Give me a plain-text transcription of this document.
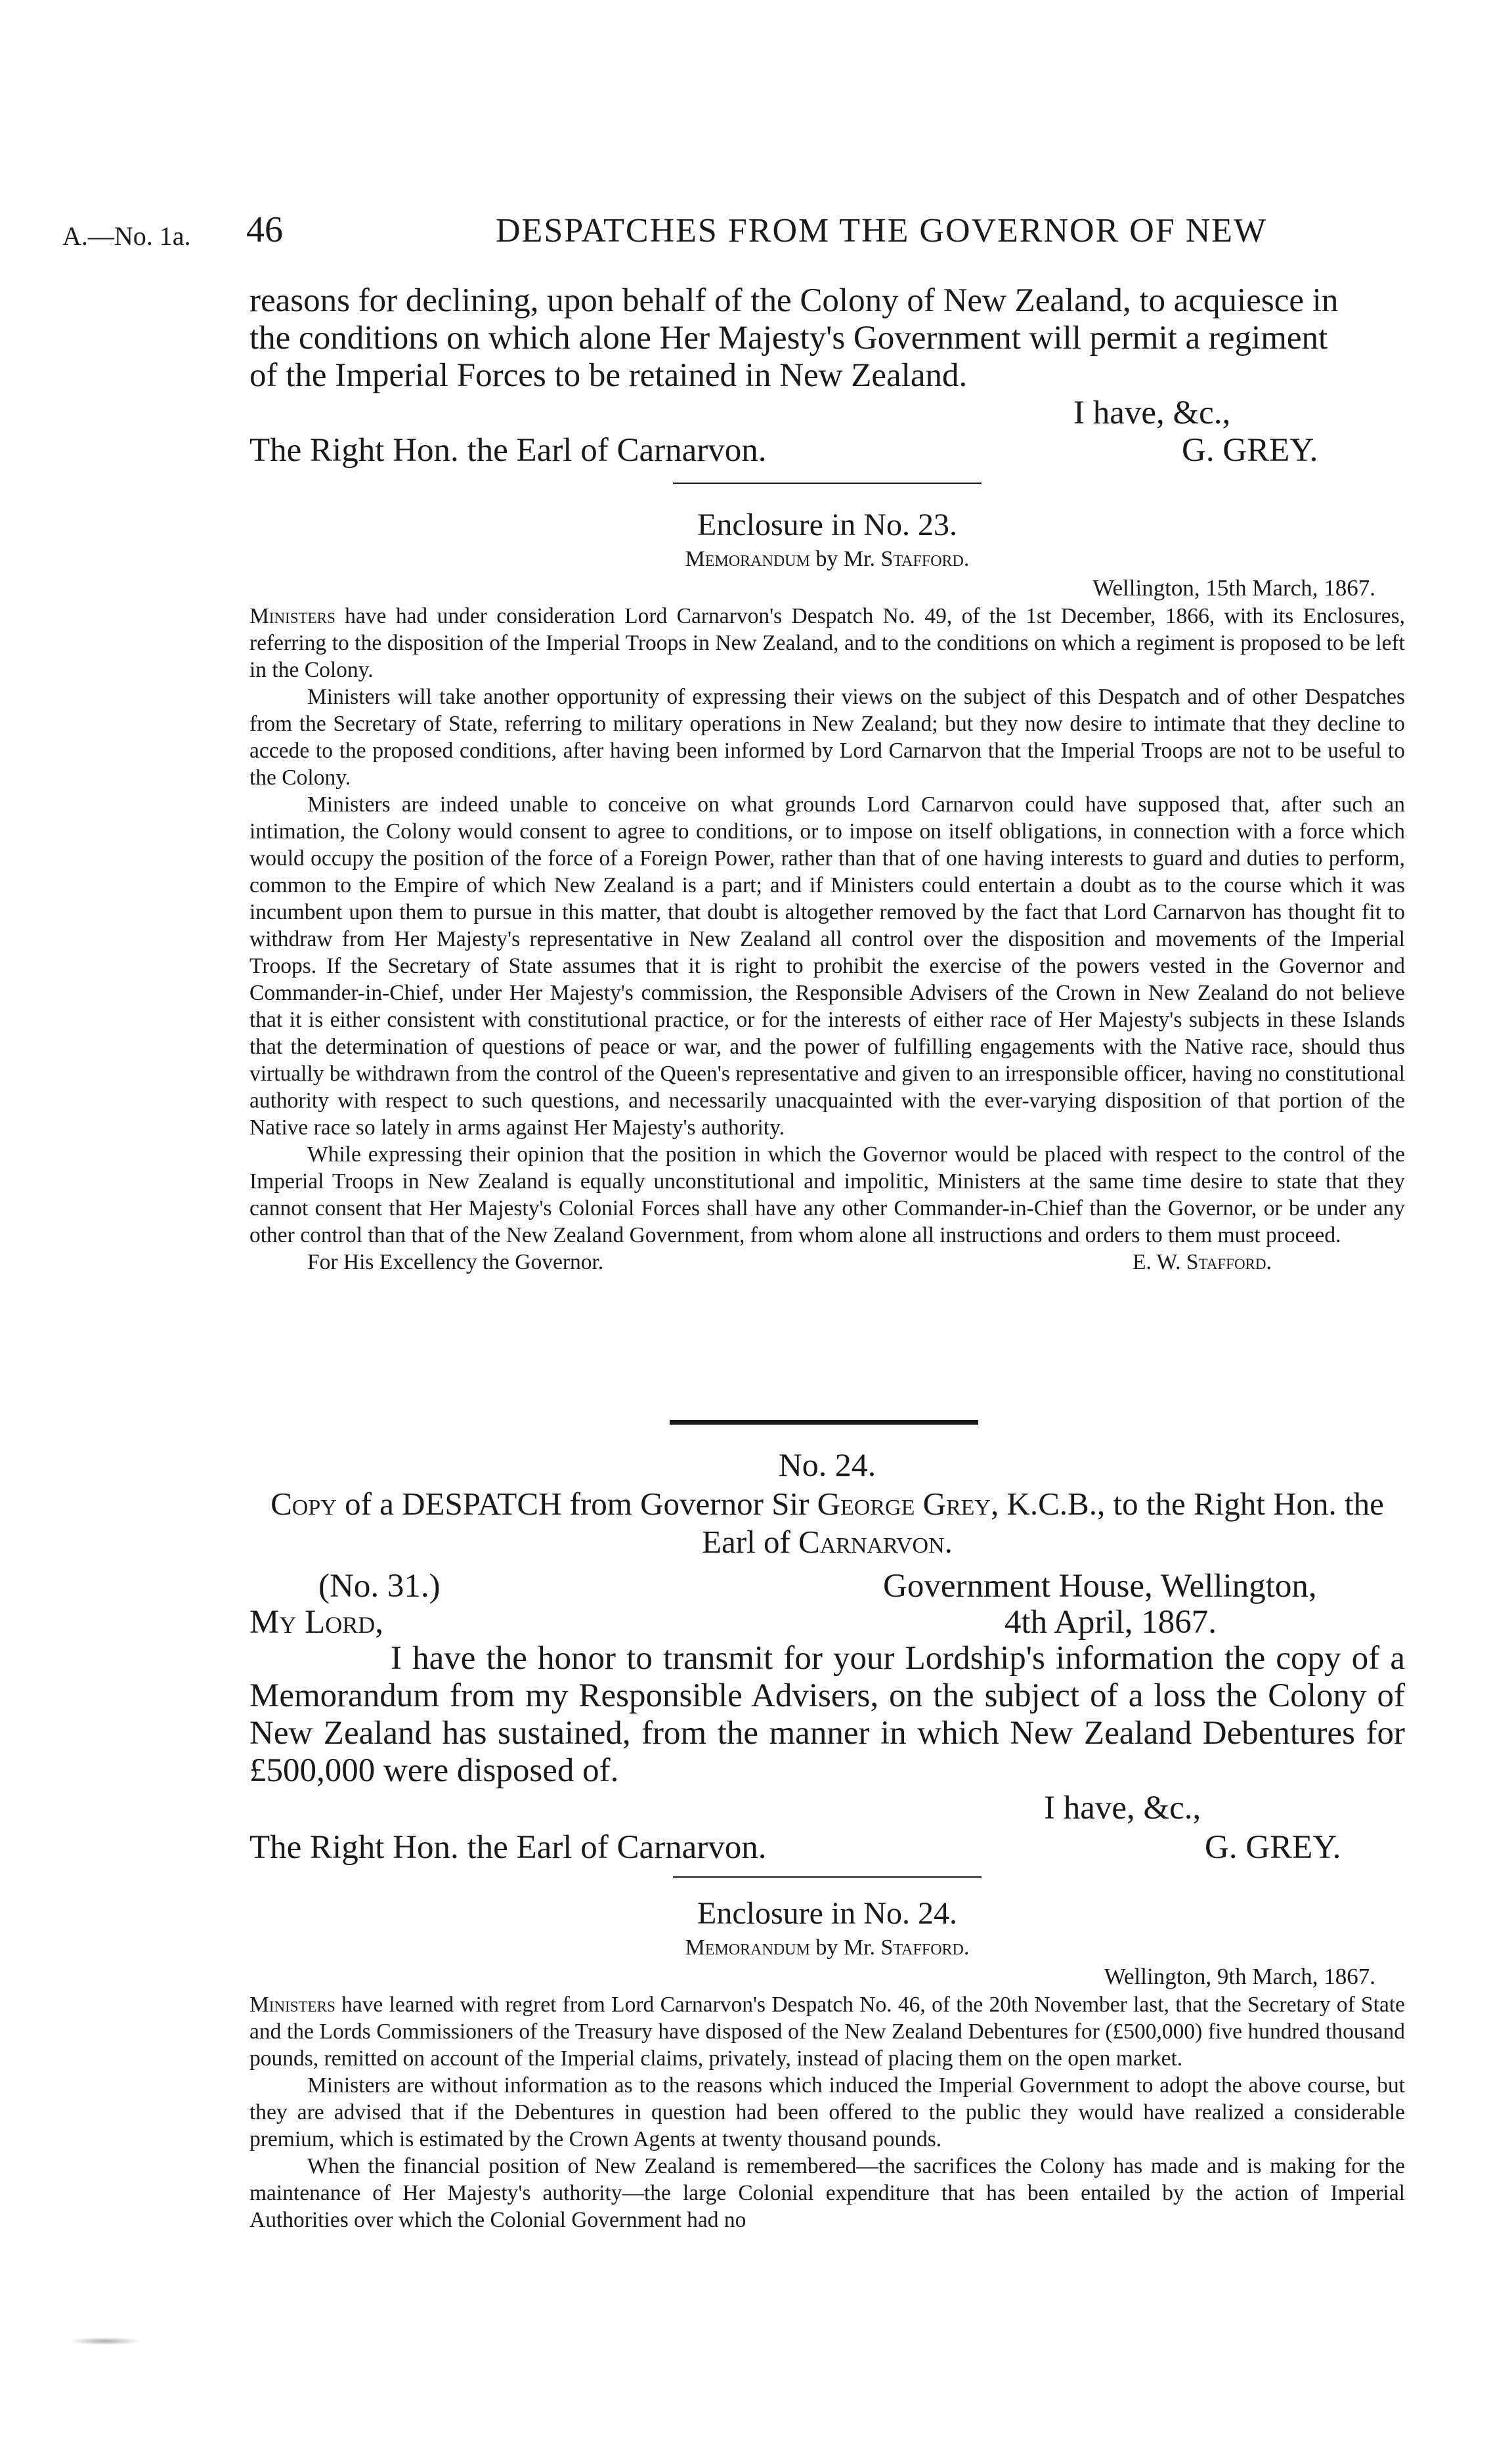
A.—No. 1a. 46	DESPATCHES FROM THE GOVERNOR OF NEW

reasons for declining, upon behalf of the Colony of New Zealand, to acquiesce in

the conditions on which alone Her Majesty's Government will permit a regiment

of the Imperial Forces to be retained in New Zealand.

I have, &c.,
The Right Hon. the Earl of Carnarvon.	G. GREY.
Enclosure in No. 23.
Memorandum by Mr. Stafford.
Wellington, 15th March, 1867.

Ministers have had under consideration Lord Carnarvon's Despatch No. 49, of the 1st December, 1866, with its Enclosures, referring to the disposition of the Imperial Troops in New Zealand, and to the conditions on which a regiment is proposed to be left in the Colony.

Ministers will take another opportunity of expressing their views on the subject of this Despatch and of other Despatches from the Secretary of State, referring to military operations in New Zealand; but they now desire to intimate that they decline to accede to the proposed conditions, after having been informed by Lord Carnarvon that the Imperial Troops are not to be useful to the Colony.

Ministers are indeed unable to conceive on what grounds Lord Carnarvon could have supposed that, after such an intimation, the Colony would consent to agree to conditions, or to impose on itself obligations, in connection with a force which would occupy the position of the force of a Foreign Power, rather than that of one having interests to guard and duties to perform, common to the Empire of which New Zealand is a part; and if Ministers could entertain a doubt as to the course which it was incumbent upon them to pursue in this matter, that doubt is altogether removed by the fact that Lord Carnarvon has thought fit to withdraw from Her Majesty's representative in New Zealand all control over the disposition and movements of the Imperial Troops. If the Secretary of State assumes that it is right to prohibit the exercise of the powers vested in the Governor and Commander-in-Chief, under Her Majesty's commission, the Responsible Advisers of the Crown in New Zealand do not believe that it is either consistent with constitutional practice, or for the interests of either race of Her Majesty's subjects in these Islands that the determination of questions of peace or war, and the power of fulfilling engagements with the Native race, should thus virtually be withdrawn from the control of the Queen's representative and given to an irresponsible officer, having no constitutional authority with respect to such questions, and necessarily unacquainted with the ever-varying disposition of that portion of the Native race so lately in arms against Her Majesty's authority.

While expressing their opinion that the position in which the Governor would be placed with respect to the control of the Imperial Troops in New Zealand is equally unconstitutional and impolitic, Ministers at the same time desire to state that they cannot consent that Her Majesty's Colonial Forces shall have any other Commander-in-Chief than the Governor, or be under any other control than that of the New Zealand Government, from whom alone all instructions and orders to them must proceed.

For His Excellency the Governor.	E. W. Stafford.
No. 24.
Copy of a DESPATCH from Governor Sir George Grey, K.C.B., to the Right Hon. the Earl of Carnarvon.
(No. 31.)	Government House, Wellington,
My Lord,	4th April, 1867.

I have the honor to transmit for your Lordship's information the copy of a Memorandum from my Responsible Advisers, on the subject of a loss the Colony of New Zealand has sustained, from the manner in which New Zealand Debentures for £500,000 were disposed of.

I have, &c.,
The Right Hon. the Earl of Carnarvon.	G. GREY.
Enclosure in No. 24.
Memorandum by Mr. Stafford.
Wellington, 9th March, 1867.

Ministers have learned with regret from Lord Carnarvon's Despatch No. 46, of the 20th November last, that the Secretary of State and the Lords Commissioners of the Treasury have disposed of the New Zealand Debentures for (£500,000) five hundred thousand pounds, remitted on account of the Imperial claims, privately, instead of placing them on the open market.

Ministers are without information as to the reasons which induced the Imperial Government to adopt the above course, but they are advised that if the Debentures in question had been offered to the public they would have realized a considerable premium, which is estimated by the Crown Agents at twenty thousand pounds.

When the financial position of New Zealand is remembered—the sacrifices the Colony has made and is making for the maintenance of Her Majesty's authority—the large Colonial expenditure that has been entailed by the action of Imperial Authorities over which the Colonial Government had no
